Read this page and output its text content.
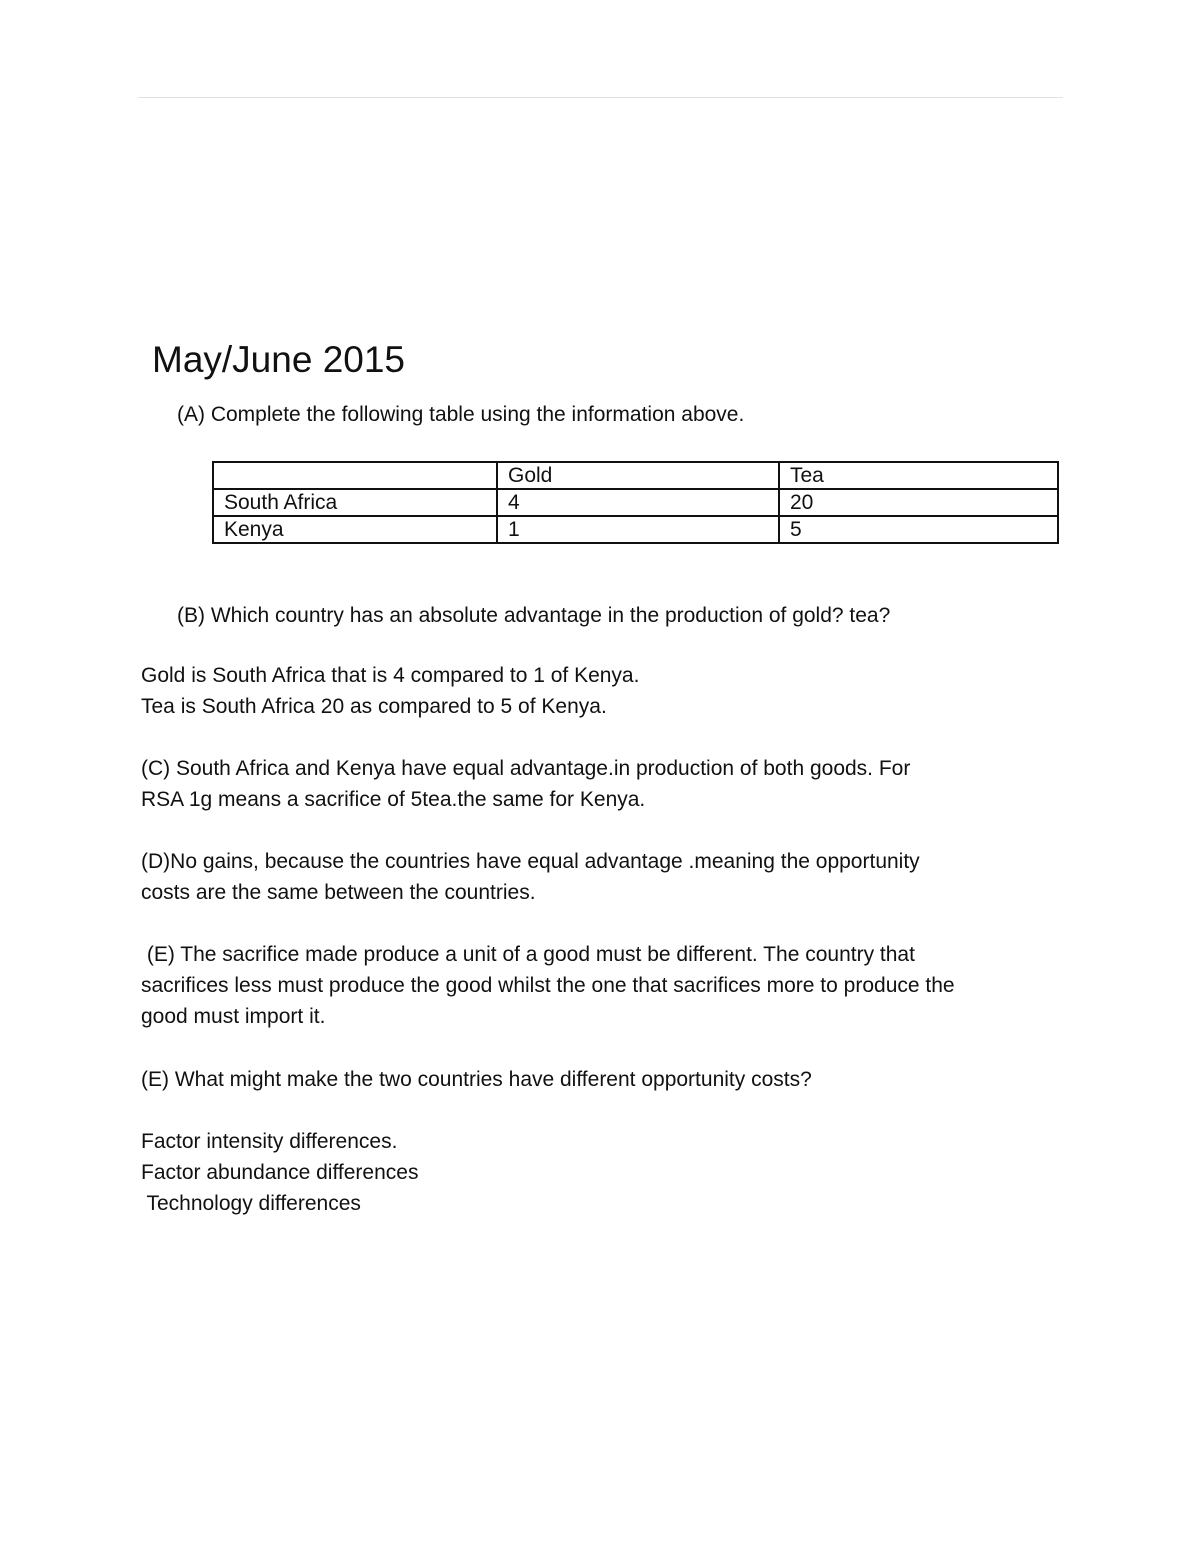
May/June 2015
(A) Complete the following table using the information above.
	Gold	Tea
South Africa	4	20
Kenya	1	5
(B) Which country has an absolute advantage in the production of gold? tea?
Gold is South Africa that is 4 compared to 1 of Kenya.
Tea is South Africa 20 as compared to 5 of Kenya.
(C) South Africa and Kenya have equal advantage.in production of both goods. For
RSA 1g means a sacrifice of 5tea.the same for Kenya.
(D)No gains, because the countries have equal advantage .meaning the opportunity
costs are the same between the countries.
(E) The sacrifice made produce a unit of a good must be different. The country that
sacrifices less must produce the good whilst the one that sacrifices more to produce the
good must import it.
(E) What might make the two countries have different opportunity costs?
Factor intensity differences.
Factor abundance differences
Technology differences
